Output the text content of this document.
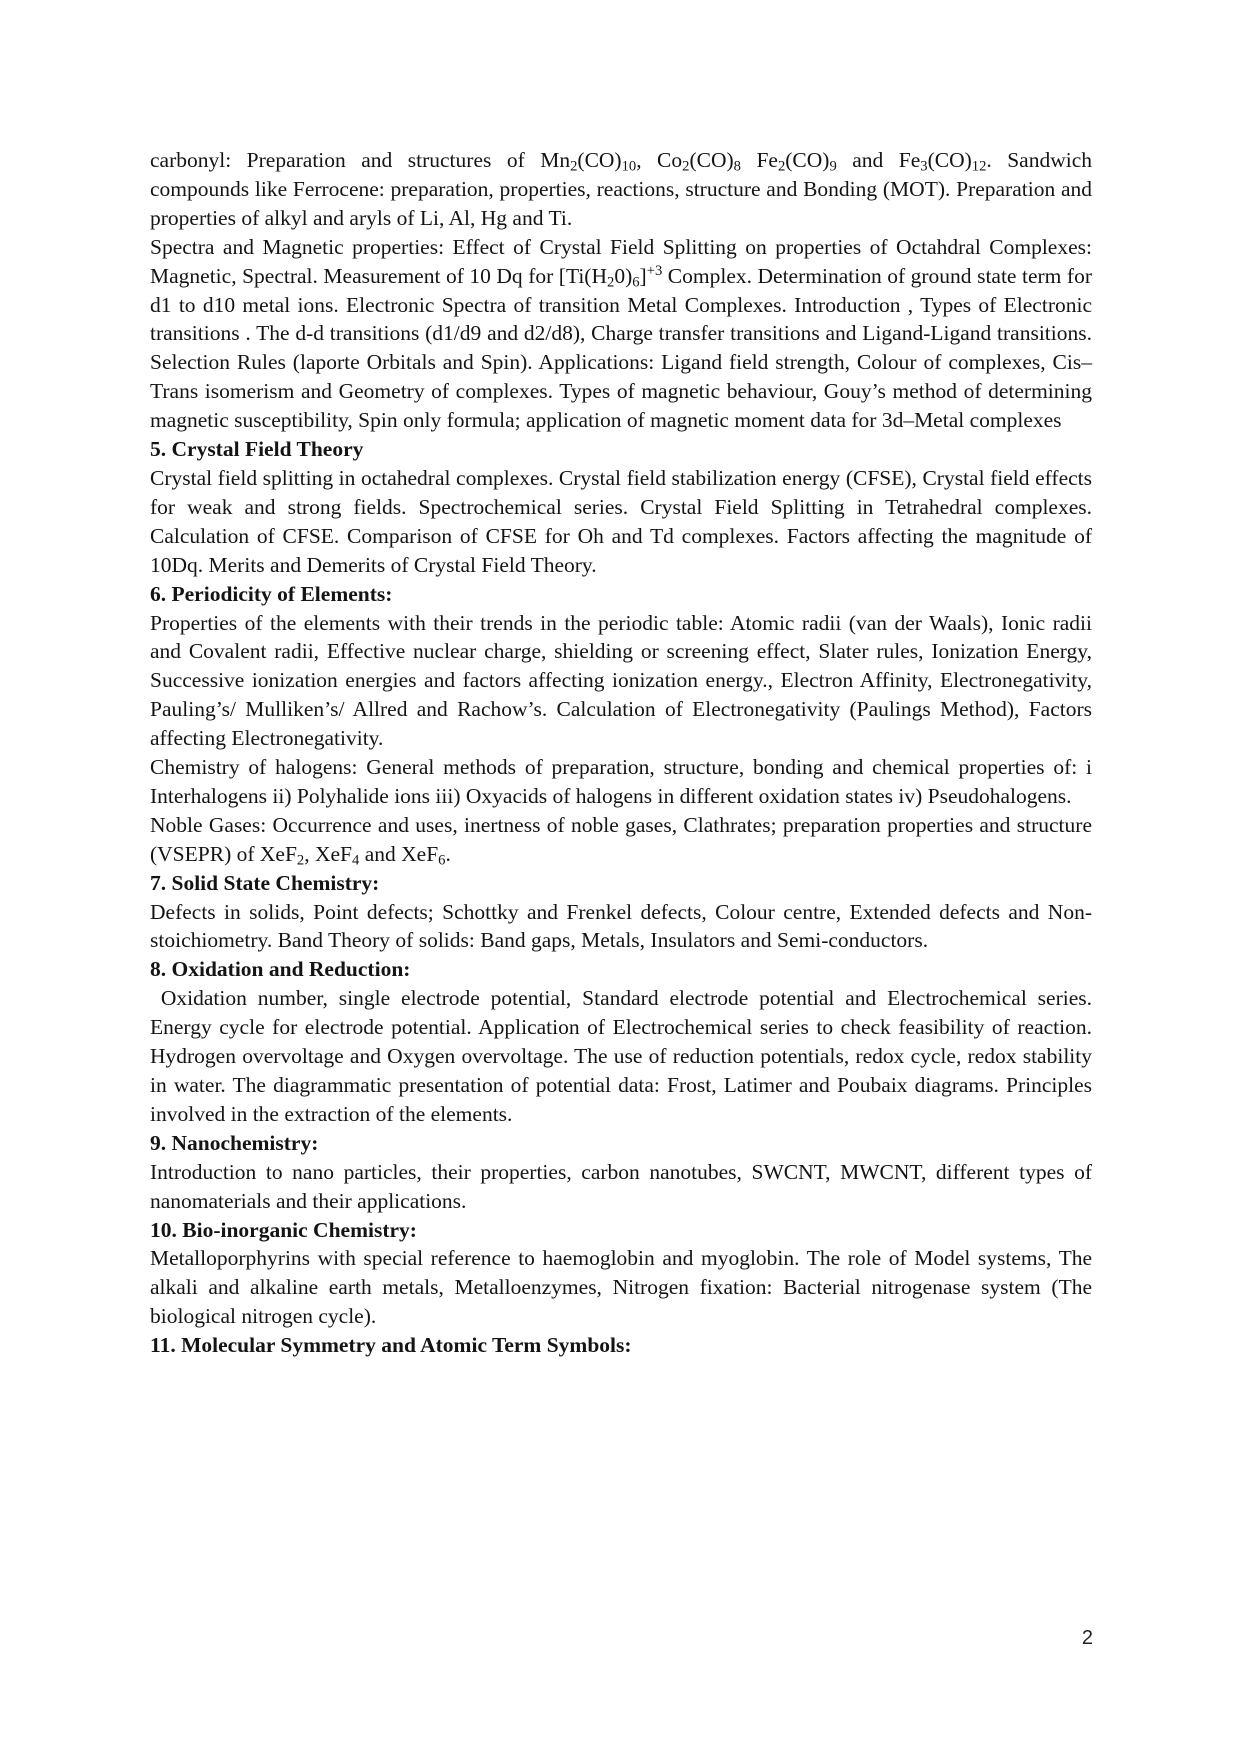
carbonyl: Preparation and structures of $Mn_2(CO)_{10}$, $Co_2(CO)_8$ $Fe_2(CO)_9$ and $Fe_3(CO)_{12}$. Sandwich compounds like Ferrocene: preparation, properties, reactions, structure and Bonding (MOT). Preparation and properties of alkyl and aryls of Li, Al, Hg and Ti.

Spectra and Magnetic properties: Effect of Crystal Field Splitting on properties of Octahdral Complexes: Magnetic, Spectral. Measurement of 10 Dq for $[Ti(H_20)_6]^{+3}$ Complex. Determination of ground state term for d1 to d10 metal ions. Electronic Spectra of transition Metal Complexes. Introduction , Types of Electronic transitions . The d-d transitions (d1/d9 and d2/d8), Charge transfer transitions and Ligand-Ligand transitions. Selection Rules (laporte Orbitals and Spin). Applications: Ligand field strength, Colour of complexes, Cis–Trans isomerism and Geometry of complexes. Types of magnetic behaviour, Gouy’s method of determining magnetic susceptibility, Spin only formula; application of magnetic moment data for 3d–Metal complexes

5. Crystal Field Theory

Crystal field splitting in octahedral complexes. Crystal field stabilization energy (CFSE), Crystal field effects for weak and strong fields. Spectrochemical series. Crystal Field Splitting in Tetrahedral complexes. Calculation of CFSE. Comparison of CFSE for Oh and Td complexes. Factors affecting the magnitude of 10Dq. Merits and Demerits of Crystal Field Theory.

6. Periodicity of Elements:

Properties of the elements with their trends in the periodic table: Atomic radii (van der Waals), Ionic radii and Covalent radii, Effective nuclear charge, shielding or screening effect, Slater rules, Ionization Energy, Successive ionization energies and factors affecting ionization energy., Electron Affinity, Electronegativity, Pauling’s/ Mulliken’s/ Allred and Rachow’s. Calculation of Electronegativity (Paulings Method), Factors affecting Electronegativity.

Chemistry of halogens: General methods of preparation, structure, bonding and chemical properties of: i Interhalogens ii) Polyhalide ions iii) Oxyacids of halogens in different oxidation states iv) Pseudohalogens.

Noble Gases: Occurrence and uses, inertness of noble gases, Clathrates; preparation properties and structure (VSEPR) of XeF$_2$, XeF$_4$ and XeF$_6$.

7. Solid State Chemistry:

Defects in solids, Point defects; Schottky and Frenkel defects, Colour centre, Extended defects and Non-stoichiometry. Band Theory of solids: Band gaps, Metals, Insulators and Semi-conductors.

8. Oxidation and Reduction:

Oxidation number, single electrode potential, Standard electrode potential and Electrochemical series. Energy cycle for electrode potential. Application of Electrochemical series to check feasibility of reaction. Hydrogen overvoltage and Oxygen overvoltage. The use of reduction potentials, redox cycle, redox stability in water. The diagrammatic presentation of potential data: Frost, Latimer and Poubaix diagrams. Principles involved in the extraction of the elements.

9. Nanochemistry:

Introduction to nano particles, their properties, carbon nanotubes, SWCNT, MWCNT, different types of nanomaterials and their applications.

10. Bio-inorganic Chemistry:

Metalloporphyrins with special reference to haemoglobin and myoglobin. The role of Model systems, The alkali and alkaline earth metals, Metalloenzymes, Nitrogen fixation: Bacterial nitrogenase system (The biological nitrogen cycle).

11. Molecular Symmetry and Atomic Term Symbols:
2
